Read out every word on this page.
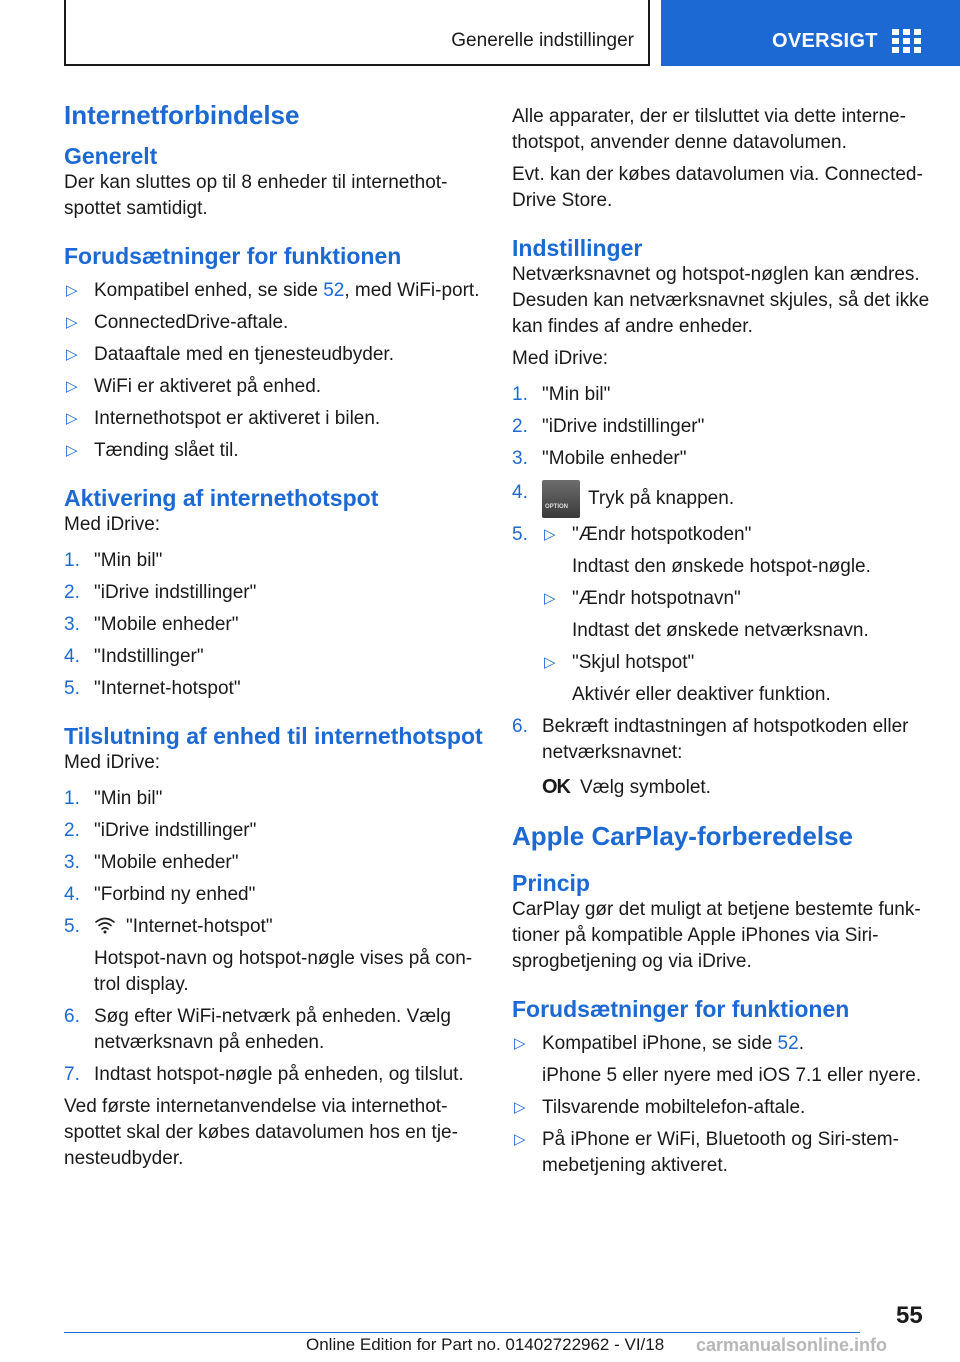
Generelle indstillinger	OVERSIGT
Internetforbindelse
Generelt

Der kan sluttes op til 8 enheder til internethotspottet samtidigt.

Forudsætninger for funktionen
▷ Kompatibel enhed, se side 52, med WiFi-port.
▷ ConnectedDrive-aftale.
▷ Dataaftale med en tjenesteudbyder.
▷ WiFi er aktiveret på enhed.
▷ Internethotspot er aktiveret i bilen.
▷ Tænding slået til.
Aktivering af internethotspot

Med iDrive:

1. "Min bil"
2. "iDrive indstillinger"
3. "Mobile enheder"
4. "Indstillinger"
5. "Internet-hotspot"
Tilslutning af enhed til internethotspot

Med iDrive:

1. "Min bil"
2. "iDrive indstillinger"
3. "Mobile enheder"
4. "Forbind ny enhed"
5. "Internet-hotspot"
Hotspot-navn og hotspot-nøgle vises på control display.
6. Søg efter WiFi-netværk på enheden. Vælg netværksnavn på enheden.
7. Indtast hotspot-nøgle på enheden, og tilslut.

Ved første internetanvendelse via internethotspottet skal der købes datavolumen hos en tjenesteudbyder.

Alle apparater, der er tilsluttet via dette internethotspot, anvender denne datavolumen.

Evt. kan der købes datavolumen via. ConnectedDrive Store.

Indstillinger

Netværksnavnet og hotspot-nøglen kan ændres. Desuden kan netværksnavnet skjules, så det ikke kan findes af andre enheder.

Med iDrive:

1. "Min bil"
2. "iDrive indstillinger"
3. "Mobile enheder"
4.
OPTION Tryk på knappen.
5. ▷ "Ændr hotspotkoden"
Indtast den ønskede hotspot-nøgle.
▷ "Ændr hotspotnavn"
Indtast det ønskede netværksnavn.
▷ "Skjul hotspot"
Aktivér eller deaktiver funktion.
6. Bekræft indtastningen af hotspotkoden eller netværksnavnet:
OK Vælg symbolet.
Apple CarPlay-forberedelse
Princip

CarPlay gør det muligt at betjene bestemte funktioner på kompatible Apple iPhones via Siri-sprogbetjening og via iDrive.

Forudsætninger for funktionen
▷ Kompatibel iPhone, se side 52.
iPhone 5 eller nyere med iOS 7.1 eller nyere.
▷ Tilsvarende mobiltelefon-aftale.
▷ På iPhone er WiFi, Bluetooth og Siri-stemmebetjening aktiveret.
55
Online Edition for Part no. 01402722962 - VI/18 carmanualsonline.info
